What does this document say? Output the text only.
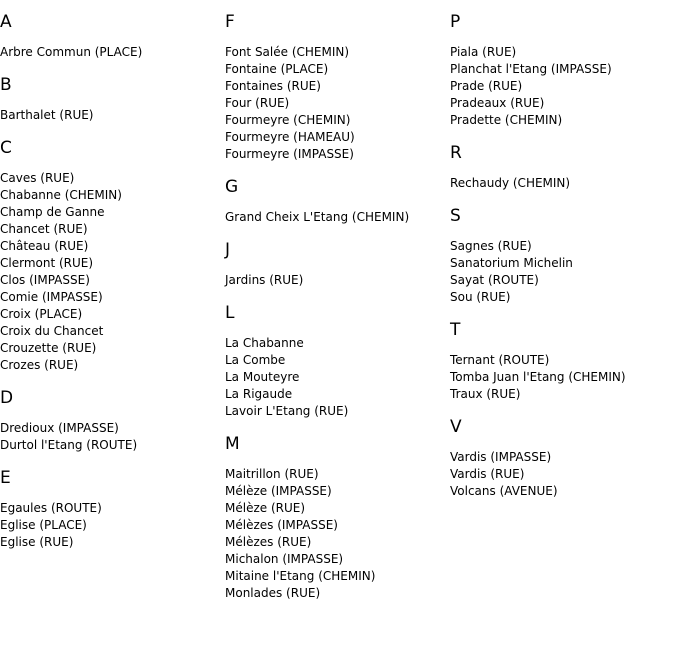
A
Arbre Commun (PLACE)
B
Barthalet (RUE)
C
Caves (RUE)
Chabanne (CHEMIN)
Champ de Ganne
Chancet (RUE)
Château (RUE)
Clermont (RUE)
Clos (IMPASSE)
Comie (IMPASSE)
Croix (PLACE)
Croix du Chancet
Crouzette (RUE)
Crozes (RUE)
D
Dredioux (IMPASSE)
Durtol l'Etang (ROUTE)
E
Egaules (ROUTE)
Eglise (PLACE)
Eglise (RUE)
F
Font Salée (CHEMIN)
Fontaine (PLACE)
Fontaines (RUE)
Four (RUE)
Fourmeyre (CHEMIN)
Fourmeyre (HAMEAU)
Fourmeyre (IMPASSE)
G
Grand Cheix L'Etang (CHEMIN)
J
Jardins (RUE)
L
La Chabanne
La Combe
La Mouteyre
La Rigaude
Lavoir L'Etang (RUE)
M
Maitrillon (RUE)
Mélèze (IMPASSE)
Mélèze (RUE)
Mélèzes (IMPASSE)
Mélèzes (RUE)
Michalon (IMPASSE)
Mitaine l'Etang (CHEMIN)
Monlades (RUE)
P
Piala (RUE)
Planchat l'Etang (IMPASSE)
Prade (RUE)
Pradeaux (RUE)
Pradette (CHEMIN)
R
Rechaudy (CHEMIN)
S
Sagnes (RUE)
Sanatorium Michelin
Sayat (ROUTE)
Sou (RUE)
T
Ternant (ROUTE)
Tomba Juan l'Etang (CHEMIN)
Traux (RUE)
V
Vardis (IMPASSE)
Vardis (RUE)
Volcans (AVENUE)
